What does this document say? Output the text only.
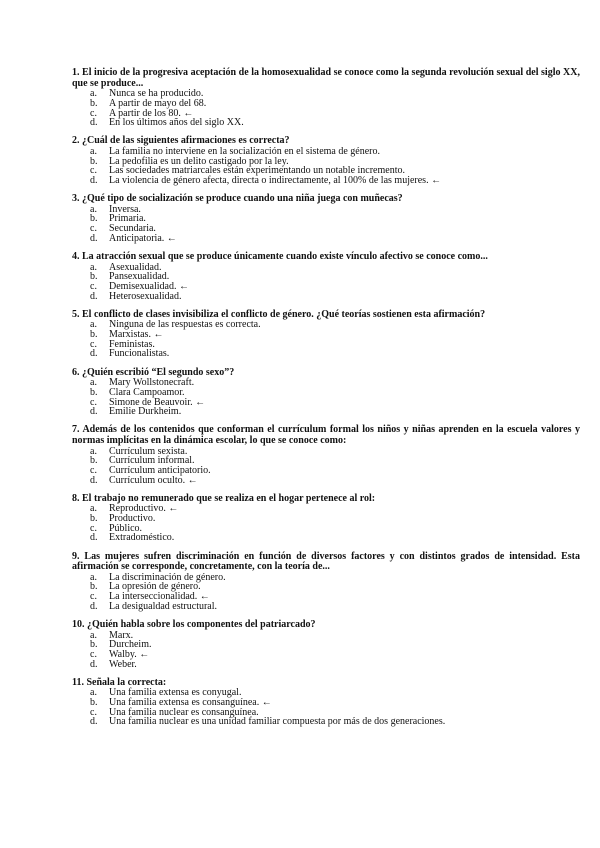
1. El inicio de la progresiva aceptación de la homosexualidad se conoce como la segunda revolución sexual del siglo XX, que se produce...

a.	Nunca se ha producido.
b.	A partir de mayo del 68.
c.	A partir de los 80. ←
d.	En los últimos años del siglo XX.

2. ¿Cuál de las siguientes afirmaciones es correcta?

a.	La familia no interviene en la socialización en el sistema de género.
b.	La pedofilia es un delito castigado por la ley.
c.	Las sociedades matriarcales están experimentando un notable incremento.
d.	La violencia de género afecta, directa o indirectamente, al 100% de las mujeres. ←

3. ¿Qué tipo de socialización se produce cuando una niña juega con muñecas?

a.	Inversa.
b.	Primaria.
c.	Secundaria.
d.	Anticipatoria. ←

4. La atracción sexual que se produce únicamente cuando existe vínculo afectivo se conoce como...

a.	Asexualidad.
b.	Pansexualidad.
c.	Demisexualidad. ←
d.	Heterosexualidad.

5. El conflicto de clases invisibiliza el conflicto de género. ¿Qué teorías sostienen esta afirmación?

a.	Ninguna de las respuestas es correcta.
b.	Marxistas. ←
c.	Feministas.
d.	Funcionalistas.

6. ¿Quién escribió “El segundo sexo”?

a.	Mary Wollstonecraft.
b.	Clara Campoamor.
c.	Simone de Beauvoir. ←
d.	Emilie Durkheim.

7. Además de los contenidos que conforman el currículum formal los niños y niñas aprenden en la escuela valores y normas implícitas en la dinámica escolar, lo que se conoce como:

a.	Currículum sexista.
b.	Currículum informal.
c.	Currículum anticipatorio.
d.	Currículum oculto. ←

8. El trabajo no remunerado que se realiza en el hogar pertenece al rol:

a.	Reproductivo. ←
b.	Productivo.
c.	Público.
d.	Extradoméstico.

9. Las mujeres sufren discriminación en función de diversos factores y con distintos grados de intensidad. Esta afirmación se corresponde, concretamente, con la teoría de...

a.	La discriminación de género.
b.	La opresión de género.
c.	La interseccionalidad. ←
d.	La desigualdad estructural.

10. ¿Quién habla sobre los componentes del patriarcado?

a.	Marx.
b.	Durcheim.
c.	Walby. ←
d.	Weber.

11. Señala la correcta:

a.	Una familia extensa es conyugal.
b.	Una familia extensa es consanguínea. ←
c.	Una familia nuclear es consanguínea.
d.	Una familia nuclear es una unidad familiar compuesta por más de dos generaciones.
